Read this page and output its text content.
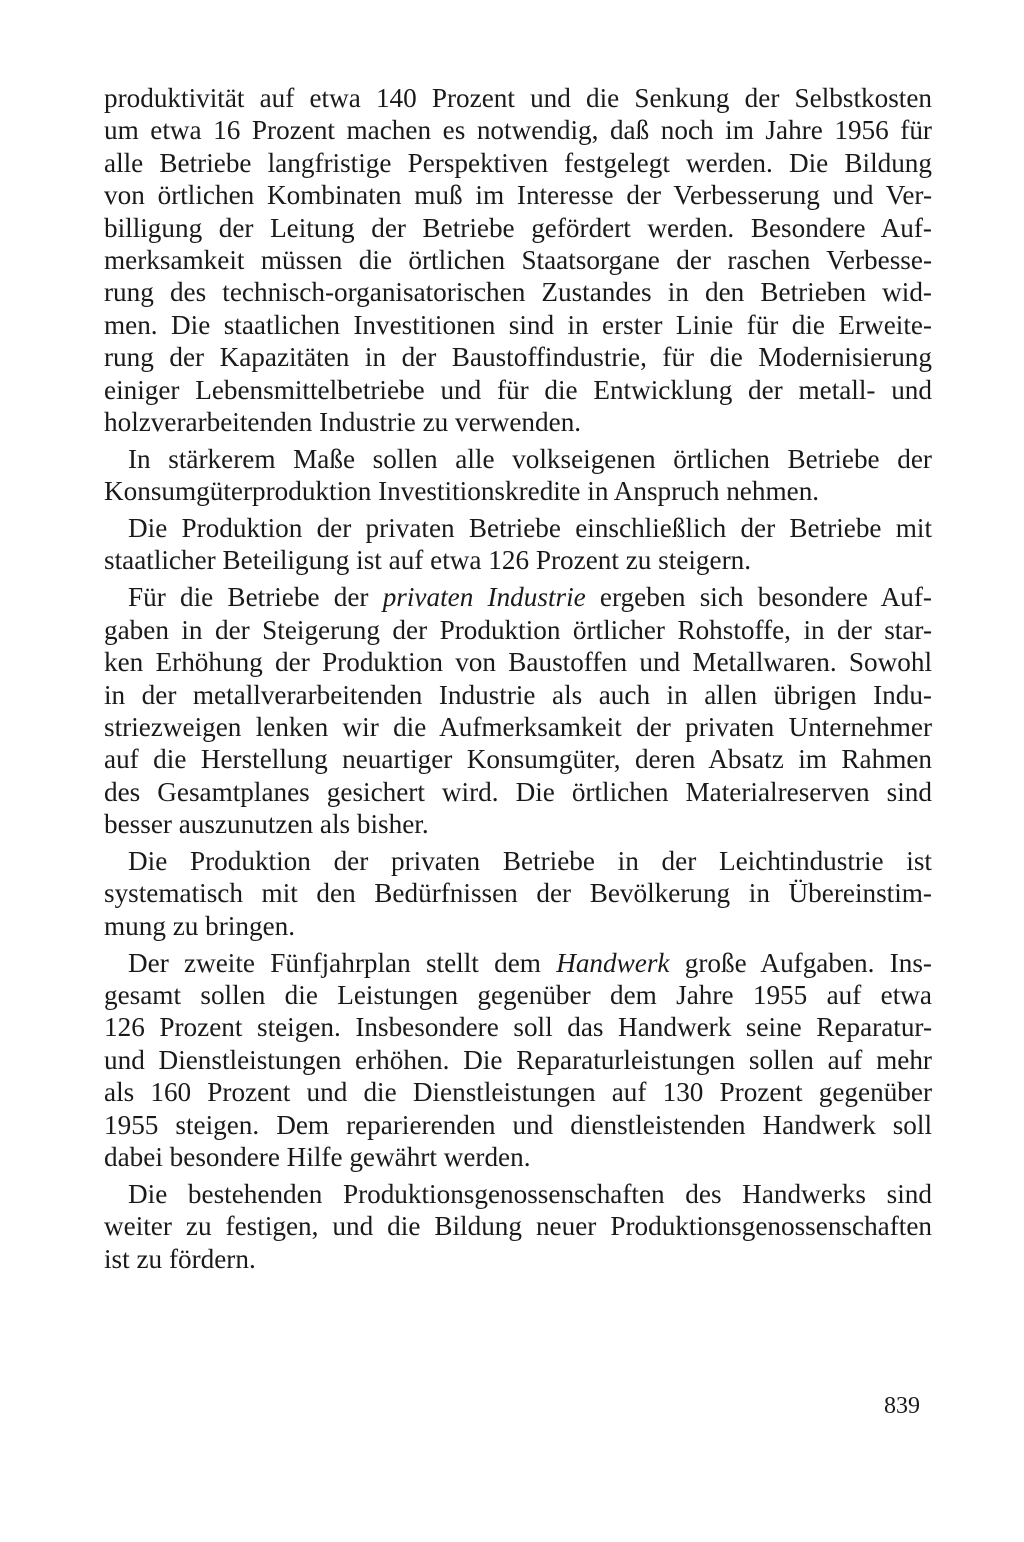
produktivität auf etwa 140 Prozent und die Senkung der Selbstkosten
um etwa 16 Prozent machen es notwendig, daß noch im Jahre 1956 für
alle Betriebe langfristige Perspektiven festgelegt werden. Die Bildung
von örtlichen Kombinaten muß im Interesse der Verbesserung und Ver-
billigung der Leitung der Betriebe gefördert werden. Besondere Auf-
merksamkeit müssen die örtlichen Staatsorgane der raschen Verbesse-
rung des technisch-organisatorischen Zustandes in den Betrieben wid-
men. Die staatlichen Investitionen sind in erster Linie für die Erweite-
rung der Kapazitäten in der Baustoffindustrie, für die Modernisierung
einiger Lebensmittelbetriebe und für die Entwicklung der metall- und
holzverarbeitenden Industrie zu verwenden.
In stärkerem Maße sollen alle volkseigenen örtlichen Betriebe der
Konsumgüterproduktion Investitionskredite in Anspruch nehmen.
Die Produktion der privaten Betriebe einschließlich der Betriebe mit
staatlicher Beteiligung ist auf etwa 126 Prozent zu steigern.
Für die Betriebe der privaten Industrie ergeben sich besondere Auf-
gaben in der Steigerung der Produktion örtlicher Rohstoffe, in der star-
ken Erhöhung der Produktion von Baustoffen und Metallwaren. Sowohl
in der metallverarbeitenden Industrie als auch in allen übrigen Indu-
striezweigen lenken wir die Aufmerksamkeit der privaten Unternehmer
auf die Herstellung neuartiger Konsumgüter, deren Absatz im Rahmen
des Gesamtplanes gesichert wird. Die örtlichen Materialreserven sind
besser auszunutzen als bisher.
Die Produktion der privaten Betriebe in der Leichtindustrie ist
systematisch mit den Bedürfnissen der Bevölkerung in Übereinstim-
mung zu bringen.
Der zweite Fünfjahrplan stellt dem Handwerk große Aufgaben. Ins-
gesamt sollen die Leistungen gegenüber dem Jahre 1955 auf etwa
126 Prozent steigen. Insbesondere soll das Handwerk seine Reparatur-
und Dienstleistungen erhöhen. Die Reparaturleistungen sollen auf mehr
als 160 Prozent und die Dienstleistungen auf 130 Prozent gegenüber
1955 steigen. Dem reparierenden und dienstleistenden Handwerk soll
dabei besondere Hilfe gewährt werden.
Die bestehenden Produktionsgenossenschaften des Handwerks sind
weiter zu festigen, und die Bildung neuer Produktionsgenossenschaften
ist zu fördern.
839
